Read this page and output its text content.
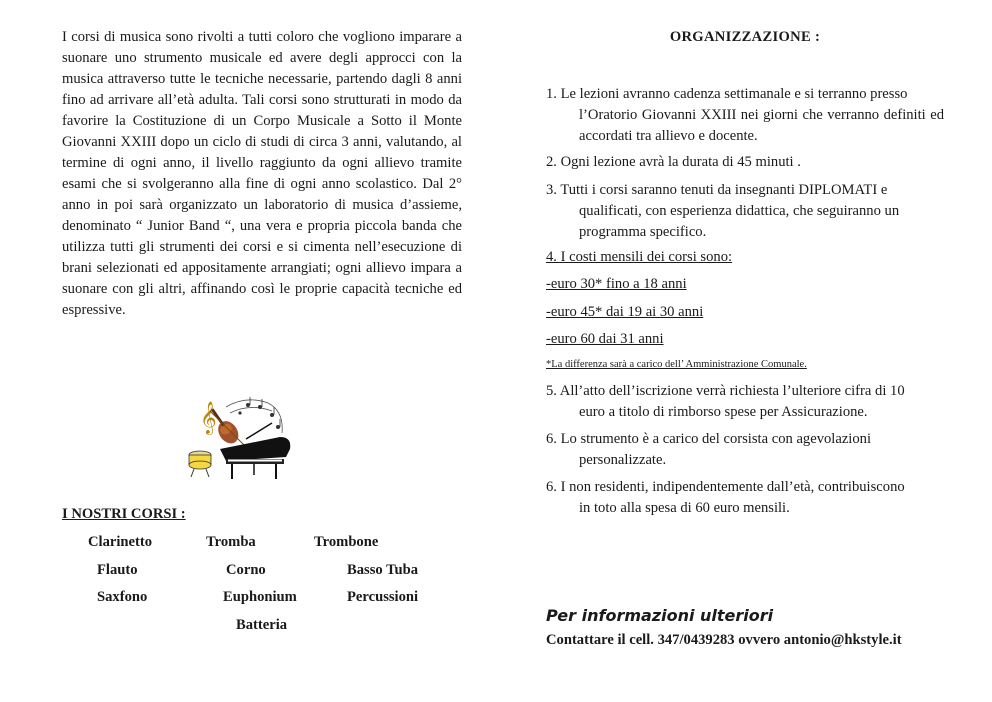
I corsi di musica sono rivolti a tutti coloro che vogliono imparare a suonare uno strumento musicale ed avere degli approcci con la musica attraverso tutte le tecniche necessarie, partendo dagli 8 anni fino ad arrivare all’età adulta. Tali corsi sono strutturati in modo da favorire la Costituzione di un Corpo Musicale a Sotto il Monte Giovanni XXIII dopo un ciclo di studi di circa 3 anni, valutando, al termine di ogni anno, il livello raggiunto da ogni allievo tramite esami che si svolgeranno alla fine di ogni anno scolastico. Dal 2° anno in poi sarà organizzato un laboratorio di musica d’assieme, denominato “ Junior Band “, una vera e propria piccola banda che utilizza tutti gli strumenti dei corsi e si cimenta nell’esecuzione di brani selezionati ed appositamente arrangiati; ogni allievo impara a suonare con gli altri, affinando così le proprie capacità tecniche ed espressive.

𝄞

I NOSTRI CORSI :

Clarinetto	Tromba	Trombone
Flauto	Corno	Basso Tuba
Saxfono	Euphonium	Percussioni
Batteria
ORGANIZZAZIONE :
1. Le lezioni avranno cadenza settimanale e si terranno presso
l’Oratorio Giovanni XXIII nei giorni che verranno definiti ed accordati tra allievo e docente.
2. Ogni lezione avrà la durata di 45 minuti .
3. Tutti i corsi saranno tenuti da insegnanti DIPLOMATI e
qualificati, con esperienza didattica, che seguiranno un programma specifico.
4. I costi mensili dei corsi sono:
-euro 30* fino a 18 anni
-euro 45* dai 19 ai 30 anni
-euro 60 dai 31 anni
*La differenza sarà a carico dell’ Amministrazione Comunale.
5. All’atto dell’iscrizione verrà richiesta l’ulteriore cifra di 10
euro a titolo di rimborso spese per Assicurazione.
6. Lo strumento è a carico del corsista con agevolazioni
personalizzate.
6. I non residenti, indipendentemente dall’età, contribuiscono
in toto alla spesa di 60 euro mensili.
Per informazioni ulteriori
Contattare il cell. 347/0439283 ovvero antonio@hkstyle.it
